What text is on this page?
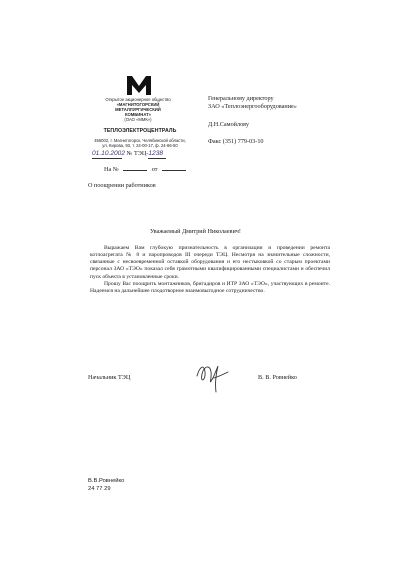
Открытое акционерное общество
«МАГНИТОГОРСКИЙ
МЕТАЛЛУРГИЧЕСКИЙ
КОМБИНАТ»
(ОАО «ММК»)
ТЕПЛОЭЛЕКТРОЦЕНТРАЛЬ
455002, г. Магнитогорск, Челябинской области,
ул. Кирова, 93, т. 24-00-17, ф. 24-66-50
01.10.2002 № ТЭЦ-1238
На №	от
О поощрении работников
Генеральному директору
ЗАО «Теплоэнергооборудование»
Д.Н.Самойлову
Факс (351) 779-03-10
Уважаемый Дмитрий Николаевич!

Выражаем Вам глубокую признательность в организации и проведении ремонта котлоагрегата № 8 и паропроводов III очереди ТЭЦ. Несмотря на значительные сложности, связанные с несвоевременной оставкой оборудования и его нестыковкой со старым проектами персонал ЗАО «ТЭО» показал себя грамотными квалифицированными специалистами и обеспечил пуск объекта в установленные сроки.

Прошу Вас поощрить монтажников, бригадиров и ИТР ЗАО «ТЭО», участвующих в ремонте. Надеемся на дальнейшее плодотворное взаимовыгодное сотрудничество.

Начальник ТЭЦ	В. В. Ровнейко
В.В.Ровнейко
24 77 29
